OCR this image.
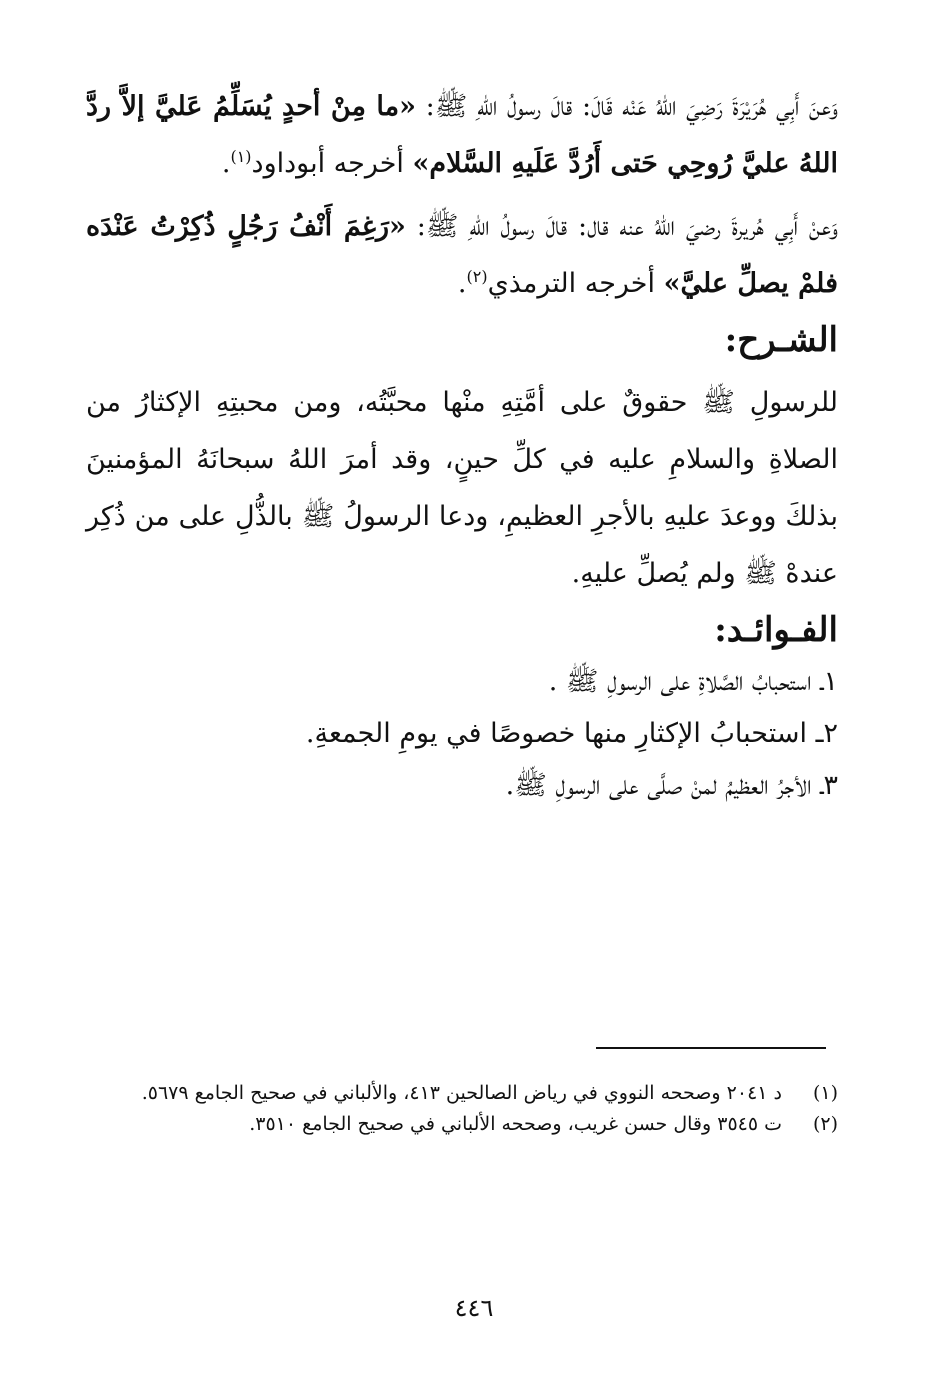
وَعنَ أَبِي هُرَيْرَةَ رَضِيَ اللهُ عَنْه قَالَ: قالَ رسولُ اللهِ ﷺ: «ما مِنْ أحدٍ يُسَلِّمُ عَليَّ إلاَّ ردَّ اللهُ عليَّ رُوحِي حَتى أَرُدَّ عَلَيهِ السَّلام» أخرجه أبوداود$^{(١)}$.

وَعنْ أَبِي هُريرةَ رضيَ اللهُ عنه قال: قالَ رسولُ اللهِ ﷺ: «رَغِمَ أَنْفُ رَجُلٍ ذُكِرْتُ عَنْدَه فلمْ يصلِّ عليَّ» أخرجه الترمذي$^{(٢)}$.

الشـرح:

للرسولِ ﷺ حقوقٌ على أمَّتِهِ منْها محبَّتُه، ومن محبتِهِ الإكثارُ من الصلاةِ والسلامِ عليه في كلِّ حينٍ، وقد أمرَ اللهُ سبحانَهُ المؤمنينَ بذلكَ ووعدَ عليهِ بالأجرِ العظيمِ، ودعا الرسولُ ﷺ بالذُّلِ على من ذُكِر عندهْ ﷺ ولم يُصلِّ عليهِ.

الفـوائـد:
١ـ استحبابُ الصَّلاةِ على الرسولِ ﷺ .
٢ـ استحبابُ الإكثارِ منها خصوصًا في يومِ الجمعةِ.
٣ـ الأجرُ العظيمُ لمنْ صلَّى على الرسولِ ﷺ.
(١)
د ٢٠٤١ وصححه النووي في رياض الصالحين ٤١٣، والألباني في صحيح الجامع ٥٦٧٩.
(٢)
ت ٣٥٤٥ وقال حسن غريب، وصححه الألباني في صحيح الجامع ٣٥١٠.
٤٤٦
